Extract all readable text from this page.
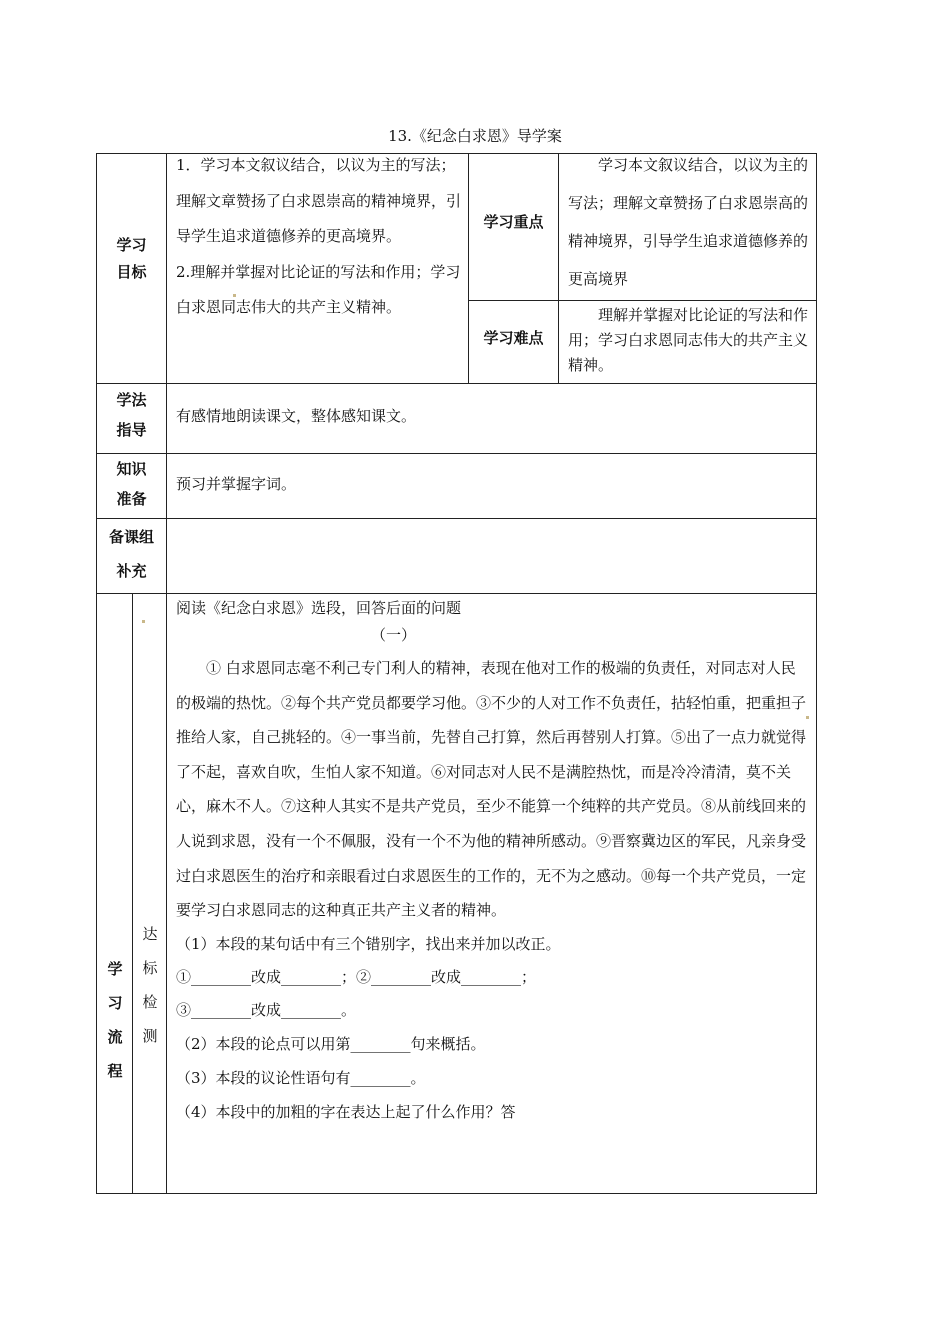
13.《纪念白求恩》导学案
学习
目标
1．学习本文叙议结合，以议为主的写法；理解文章赞扬了白求恩崇高的精神境界，引导学生追求道德修养的更高境界。
2.理解并掌握对比论证的写法和作用；学习白求恩同志伟大的共产主义精神。
学习重点
学习本文叙议结合，以议为主的写法；理解文章赞扬了白求恩崇高的精神境界，引导学生追求道德修养的更高境界
学习难点
理解并掌握对比论证的写法和作用；学习白求恩同志伟大的共产主义精神。
学法
指导
有感情地朗读课文，整体感知课文。
知识
准备
预习并掌握字词。
备课组
补充
学
习
流
程
达
标
检
测
阅读《纪念白求恩》选段，回答后面的问题
（一）
① 白求恩同志毫不利己专门利人的精神，表现在他对工作的极端的负责任，对同志对人民的极端的热忱。②每个共产党员都要学习他。③不少的人对工作不负责任，拈轻怕重，把重担子推给人家，自己挑轻的。④一事当前，先替自己打算，然后再替别人打算。⑤出了一点力就觉得了不起，喜欢自吹，生怕人家不知道。⑥对同志对人民不是满腔热忱，而是冷冷清清，莫不关心，麻木不人。⑦这种人其实不是共产党员，至少不能算一个纯粹的共产党员。⑧从前线回来的人说到求恩，没有一个不佩服，没有一个不为他的精神所感动。⑨晋察冀边区的军民，凡亲身受过白求恩医生的治疗和亲眼看过白求恩医生的工作的，无不为之感动。⑩每一个共产党员，一定要学习白求恩同志的这种真正共产主义者的精神。
（1）本段的某句话中有三个错别字，找出来并加以改正。
①________改成________；②________改成________；
③________改成________。
（2）本段的论点可以用第________句来概括。
（3）本段的议论性语句有________。
（4）本段中的加粗的字在表达上起了什么作用？答
